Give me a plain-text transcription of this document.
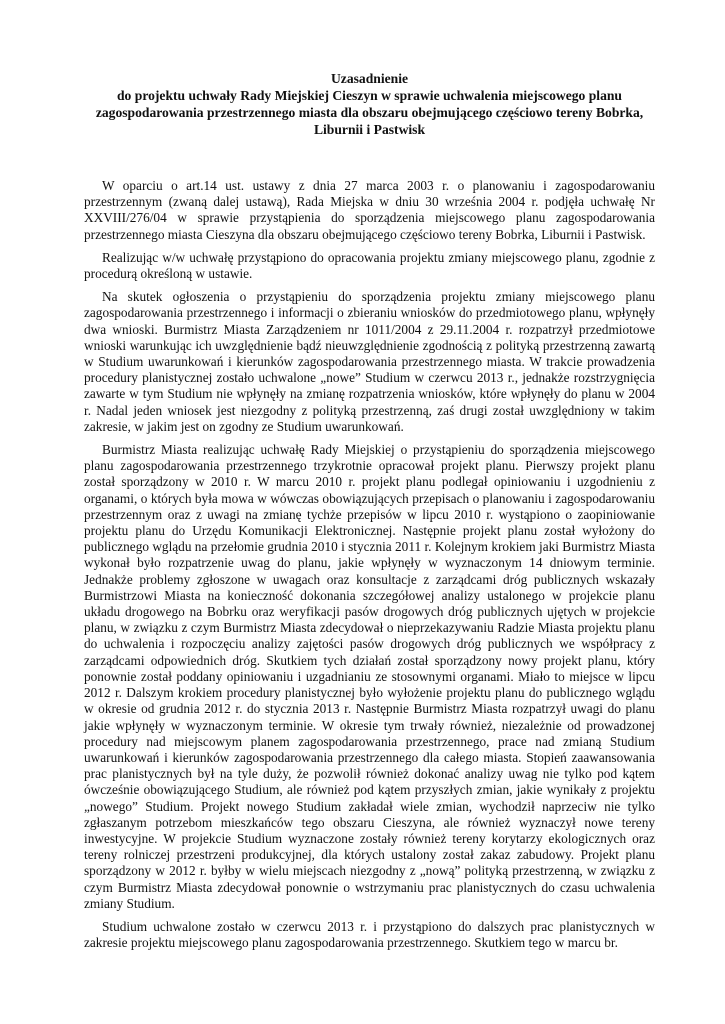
Uzasadnienie
do projektu uchwały Rady Miejskiej Cieszyn w sprawie uchwalenia miejscowego planu zagospodarowania przestrzennego miasta dla obszaru obejmującego częściowo tereny Bobrka, Liburnii i Pastwisk

W oparciu o art.14 ust. ustawy z dnia 27 marca 2003 r. o planowaniu i zagospodarowaniu przestrzennym (zwaną dalej ustawą), Rada Miejska w dniu 30 września 2004 r. podjęła uchwałę Nr XXVIII/276/04 w sprawie przystąpienia do sporządzenia miejscowego planu zagospodarowania przestrzennego miasta Cieszyna dla obszaru obejmującego częściowo tereny Bobrka, Liburnii i Pastwisk.

Realizując w/w uchwałę przystąpiono do opracowania projektu zmiany miejscowego planu, zgodnie z procedurą określoną w ustawie.

Na skutek ogłoszenia o przystąpieniu do sporządzenia projektu zmiany miejscowego planu zagospodarowania przestrzennego i informacji o zbieraniu wniosków do przedmiotowego planu, wpłynęły dwa wnioski. Burmistrz Miasta Zarządzeniem nr 1011/2004 z 29.11.2004 r. rozpatrzył przedmiotowe wnioski warunkując ich uwzględnienie bądź nieuwzględnienie zgodnością z polityką przestrzenną zawartą w Studium uwarunkowań i kierunków zagospodarowania przestrzennego miasta. W trakcie prowadzenia procedury planistycznej zostało uchwalone „nowe” Studium w czerwcu 2013 r., jednakże rozstrzygnięcia zawarte w tym Studium nie wpłynęły na zmianę rozpatrzenia wniosków, które wpłynęły do planu w 2004 r. Nadal jeden wniosek jest niezgodny z polityką przestrzenną, zaś drugi został uwzględniony w takim zakresie, w jakim jest on zgodny ze Studium uwarunkowań.

Burmistrz Miasta realizując uchwałę Rady Miejskiej o przystąpieniu do sporządzenia miejscowego planu zagospodarowania przestrzennego trzykrotnie opracował projekt planu. Pierwszy projekt planu został sporządzony w 2010 r. W marcu 2010 r. projekt planu podlegał opiniowaniu i uzgodnieniu z organami, o których była mowa w wówczas obowiązujących przepisach o planowaniu i zagospodarowaniu przestrzennym oraz z uwagi na zmianę tychże przepisów w lipcu 2010 r. wystąpiono o zaopiniowanie projektu planu do Urzędu Komunikacji Elektronicznej. Następnie projekt planu został wyłożony do publicznego wglądu na przełomie grudnia 2010 i stycznia 2011 r. Kolejnym krokiem jaki Burmistrz Miasta wykonał było rozpatrzenie uwag do planu, jakie wpłynęły w wyznaczonym 14 dniowym terminie. Jednakże problemy zgłoszone w uwagach oraz konsultacje z zarządcami dróg publicznych wskazały Burmistrzowi Miasta na konieczność dokonania szczegółowej analizy ustalonego w projekcie planu układu drogowego na Bobrku oraz weryfikacji pasów drogowych dróg publicznych ujętych w projekcie planu, w związku z czym Burmistrz Miasta zdecydował o nieprzekazywaniu Radzie Miasta projektu planu do uchwalenia i rozpoczęciu analizy zajętości pasów drogowych dróg publicznych we współpracy z zarządcami odpowiednich dróg. Skutkiem tych działań został sporządzony nowy projekt planu, który ponownie został poddany opiniowaniu i uzgadnianiu ze stosownymi organami. Miało to miejsce w lipcu 2012 r. Dalszym krokiem procedury planistycznej było wyłożenie projektu planu do publicznego wglądu w okresie od grudnia 2012 r. do stycznia 2013 r. Następnie Burmistrz Miasta rozpatrzył uwagi do planu jakie wpłynęły w wyznaczonym terminie. W okresie tym trwały również, niezależnie od prowadzonej procedury nad miejscowym planem zagospodarowania przestrzennego, prace nad zmianą Studium uwarunkowań i kierunków zagospodarowania przestrzennego dla całego miasta. Stopień zaawansowania prac planistycznych był na tyle duży, że pozwolił również dokonać analizy uwag nie tylko pod kątem ówcześnie obowiązującego Studium, ale również pod kątem przyszłych zmian, jakie wynikały z projektu „nowego” Studium. Projekt nowego Studium zakładał wiele zmian, wychodził naprzeciw nie tylko zgłaszanym potrzebom mieszkańców tego obszaru Cieszyna, ale również wyznaczył nowe tereny inwestycyjne. W projekcie Studium wyznaczone zostały również tereny korytarzy ekologicznych oraz tereny rolniczej przestrzeni produkcyjnej, dla których ustalony został zakaz zabudowy. Projekt planu sporządzony w 2012 r. byłby w wielu miejscach niezgodny z „nową” polityką przestrzenną, w związku z czym Burmistrz Miasta zdecydował ponownie o wstrzymaniu prac planistycznych do czasu uchwalenia zmiany Studium.

Studium uchwalone zostało w czerwcu 2013 r. i przystąpiono do dalszych prac planistycznych w zakresie projektu miejscowego planu zagospodarowania przestrzennego. Skutkiem tego w marcu br.
